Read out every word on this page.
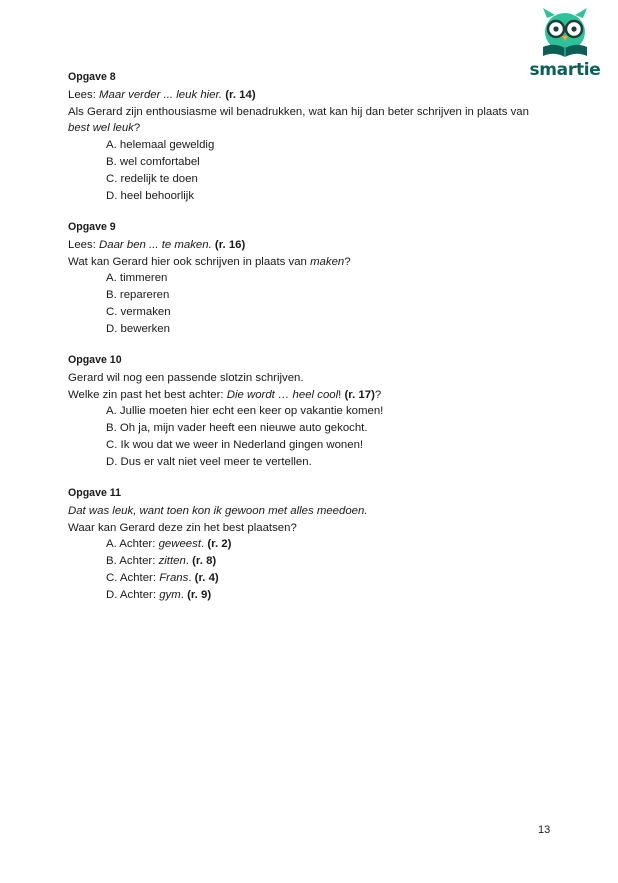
smartie
Opgave 8
Lees: Maar verder ... leuk hier. (r. 14)
Als Gerard zijn enthousiasme wil benadrukken, wat kan hij dan beter schrijven in plaats van
best wel leuk?
A. helemaal geweldig
B. wel comfortabel
C. redelijk te doen
D. heel behoorlijk
Opgave 9
Lees: Daar ben ... te maken. (r. 16)
Wat kan Gerard hier ook schrijven in plaats van maken?
A. timmeren
B. repareren
C. vermaken
D. bewerken
Opgave 10
Gerard wil nog een passende slotzin schrijven.
Welke zin past het best achter: Die wordt … heel cool! (r. 17)?
A. Jullie moeten hier echt een keer op vakantie komen!
B. Oh ja, mijn vader heeft een nieuwe auto gekocht.
C. Ik wou dat we weer in Nederland gingen wonen!
D. Dus er valt niet veel meer te vertellen.
Opgave 11
Dat was leuk, want toen kon ik gewoon met alles meedoen.
Waar kan Gerard deze zin het best plaatsen?
A. Achter: geweest. (r. 2)
B. Achter: zitten. (r. 8)
C. Achter: Frans. (r. 4)
D. Achter: gym. (r. 9)
13
